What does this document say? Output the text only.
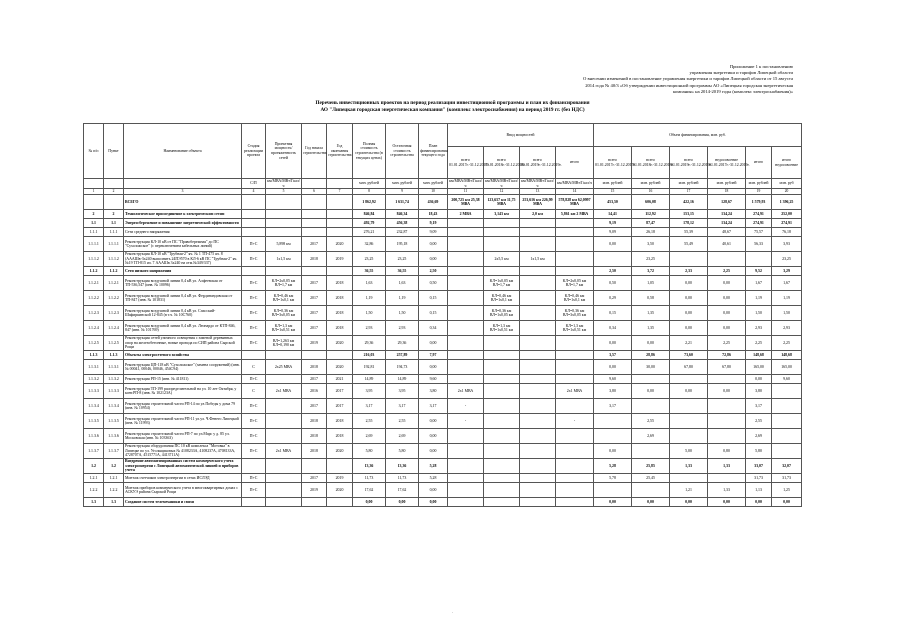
Приложение 1 к постановлению
управления энергетики и тарифов Липецкой области
О внесении изменений в постановление управления энергетики и тарифов Липецкой области от 15 августа
2014 года № 40/3 «Об утверждении инвестиционной программы АО «Липецкая городская энергетическая
компания» на 2014-2019 годы (комплекс электроснабжения)»
Перечень инвестиционных проектов на период реализации инвестиционной программы и план их финансирования
АО "Липецкая городская энергетическая компания" (комплекс электроснабжения) на период 2019 гг. (без НДС)
№ п/п	Пункт	Наименование объекта	Стадия реализации проекта	Проектная мощность/протяженность сетей	Год начала строительства	Год окончания строительства	Полная стоимость строительства (в текущих ценах)	Остаточная стоимость строительства	План финансирования текущего года	Ввод мощностей				Объем финансирования, млн. руб.					
										всего 01.01.2017г.-31.12.2017г.	всего 01.01.2018г.-31.12.2018г.	всего 01.01.2019г.-31.12.2019г.	итого	всего 01.01.2017г.-31.12.2017г.	всего 01.01.2018г.-31.12.2018г.	всего 01.01.2019г.-31.12.2019г.	недоосвоение 01.01.2017г.-31.12.2019г.	итого	итого недоосвоение
			С/П	км/МВА/МВт/Гкал/ч			млн. рублей	млн. рублей	млн. рублей	км/МВА/МВт/Гкал/ч	км/МВА/МВт/Гкал/ч	км/МВА/МВт/Гкал/ч	км/МВА/МВт/Гкал/ч	млн. рублей	млн. рублей	млн. рублей	млн. рублей	млн. рублей	млн. руб
1	2	3	4	5	6	7	8	9	10	11	12	13	14	15	16	17	18	19	20
		ВСЕГО					1 862,92	1 631,74	436,69	200,725 км 25,38 МВА	123,657 км 11,75 МВА	253,616 км 226,99 МВА	578,828 км 62,0997 МВА	453,50	606,08	422,16	128,67	1 579,93	1 396,25
2	2	Технологическое присоединение к электрическим сетям					846,84	846,34	18,43	2 МВА	3,143 км	2,0 км	5,861 км 2 МВА	14,41	112,92	153,15	134,24	274,91	252,00
1.1	1.1	Энергосбережение и повышение энергетической эффективности					492,79	456,38	9,19					9,19	87,47	178,12	134,24	274,91	274,91
1.1.1	1.1.1	Сети среднего напряжения					276,21	232,87	9,09					9,09	26,18	55,39	48,67	75,57	76,18
1.1.1.1	1.1.1.1	Реконструкция КЛ-10 кВ от ПС "Правобережная" до ПС "Сухоложское" (с переключением кабельных линий)	П+С	5,898 км	2017	2020	32,86	195,18	0,00					0,00	3,50	55,49	40,61	56,33	3,93
1.1.1.2	1.1.1.2	Реконструкция КЛ-10 кВ "Трубная-2" яч. № 1 ТП-475 яч. 8 (АААШв-3х240 выполнить 24ПЭ570 в КЛ-6 кВ ПС "Трубная-2" яч. №19 ТП-815 яч. 7 АААШв 3х240 на отм.№349/337)	П+С	1x1,5 км	2018	2019	23,25	23,25	0,00		2x5,5 км	1x1,5 км			23,25				23,25
1.1.2	1.1.2	Сети низкого напряжения					36,55	36,55	2,50					2,50	3,72	2,33	2,25	9,52	3,29
1.1.2.1	1.1.2.1	Реконструкция воздушной линии 0,4 кВ ул. Алфеевская от ТП-536,547 (инв. № 10096)	П+С	КЛ=2x0,05 км ВЛ=1,7 км	2017	2018	1,63	1,63	0,50		КЛ=1x0,05 км ВЛ=1,7 км		КЛ=2x0,05 км ВЛ=1,7 км	0,50	1,05	0,00	0,00	1,67	1,67
1.1.2.2	1.1.2.2	Реконструкция воздушной линии 0,4 кВ ул. Фердинандовская от ТП-847 (инв. № 101831)	П+С	КЛ=0,46 км ВЛ=1x0,1 км	2017	2018	1,19	1,19	0,15		КЛ=0,46 км ВЛ=1x0,1 км		КЛ=0,46 км ВЛ=1x0,1 км	0,29	0,58	0,00	0,00	1,19	1,19
1.1.2.3	1.1.2.3	Реконструкция воздушной линии 0,4 кВ ул. Спасский-Шафиркинской 12-845 (в т.ч. № 10C760)	П+С	КЛ=0,36 км ВЛ=3x0,05 км	2017	2018	1,50	1,50	0,15		КЛ=0,36 км ВЛ=1x0,05 км		КЛ=0,36 км ВЛ=3x0,05 км	0,15	1,35	0,00	0,00	1,50	1,50
1.1.2.4	1.1.2.4	Реконструкция воздушной линии 0,4 кВ ул. Леонардо от КТП-846, 847 (инв. № 101769)	П+С	КЛ=1,3 км ВЛ=1x0,51 км	2017	2018	2,93	2,93	0,34		КЛ=1,3 км ВЛ=1x0,51 км		КЛ=1,3 км ВЛ=1x0,51 км	0,34	1,35	0,00	0,00	2,93	2,93
1.1.2.5	1.1.2.5	Реконструкция сетей уличного освещения с заменой деревянных опор на железобетонные, новые провода по СИП района Сырской Рощи	П+С	ВЛ=1,263 км КЛ=0,190 км	2019	2020	29,36	29,36	0,00					0,00	0,00	2,21	2,25	2,25	2,25
1.1.3	1.1.3	Объекты электросетевого хозяйства					216,03	257,89	7,97					3,57	28,86	73,60	72,86	148,68	148,68
1.1.3.1	1.1.3.1	Реконструкция ЦП-118 кВ "Сухоложское" (замена сооружений) (инв. № 00041, 00046, 00046, 454C94)	С	2x25 МВА	2018	2020	192,81	194,73	0,00					0,00	30,00	67,80	67,80	165,00	165,00
1.1.3.2	1.1.3.2	Реконструкция РП-15 (инв. № 411811)	П+С		2017	2021	14,89	14,89	9,60					9,60				0,00	9,60
1.1.3.3	1.1.3.3	Реконструкция ТП-199 распределительной на ул. 10 лет Октября, у конт.РП-8 (инв. № 102123А)	С	2x1 МВА	2016	2017	3,95	3,95	3,80	2x1 МВА			2x1 МВА	3,80	0,00	0,00	0,00	3,80	
1.1.3.4	1.1.3.4	Реконструкция строительной части РП-14 по ул.Победы у дома 79 (инв. № 10954)	П+С		2017	2017	3,17	3,17	3,17	-				3,17				3,17	
1.1.3.5	1.1.3.5	Реконструкция строительной части РП-11 ул.ул. Ч.Фенего Липецкой (инв. № 11993)	П+С		2018	2018	2,55	2,55	0,00	-			-		2,55			2,55	
1.1.3.6	1.1.3.6	Реконструкция строительной части РП-7 по ул.Марс у д. 85 ул. Московская (инв. № 103363)	П+С		2018	2018	2,69	2,69	0,00						2,69			2,69	
1.1.3.7	1.1.3.7	Реконструкция оборудования ПС 10 кВ комплекса "Мотовка" в Липецке по ул. Угольщиковых № 4108233A, 4108237А, 4708133A, 4728707A, 4515771A, 4413711A)	П+С	2x1 МВА	2018	2020	5,80	5,80	0,00					0,00		5,00	0,80	5,80	
1.2	1.2	Внедрение автоматизированных систем коммерческого учета электроэнергии с Липецкой автоматической линией и приборов учета					13,36	13,36	5,28					5,28	25,85	1,33	1,33	33,07	32,07
1.2.1	1.2.1	Монтаж счетчиков электроэнергии в сетях ИСЛЭД	П+С		2017	2019	11,73	11,73	5,28					5,78	25,45			31,73	31,73
1.2.2	1.2.2	Монтаж приборов коммерческого учета в многоквартирных домах с АСКУЭ района Сырской Рощи	П+С		2019	2020	17,62	17,62	0,00							1,21	1,33	1,13	1,25
1.3	1.3	Создание систем телемеханики и связи					0,00	0,00	0,00					0,00	0,00	0,00	0,00	0,00	0,00
.
